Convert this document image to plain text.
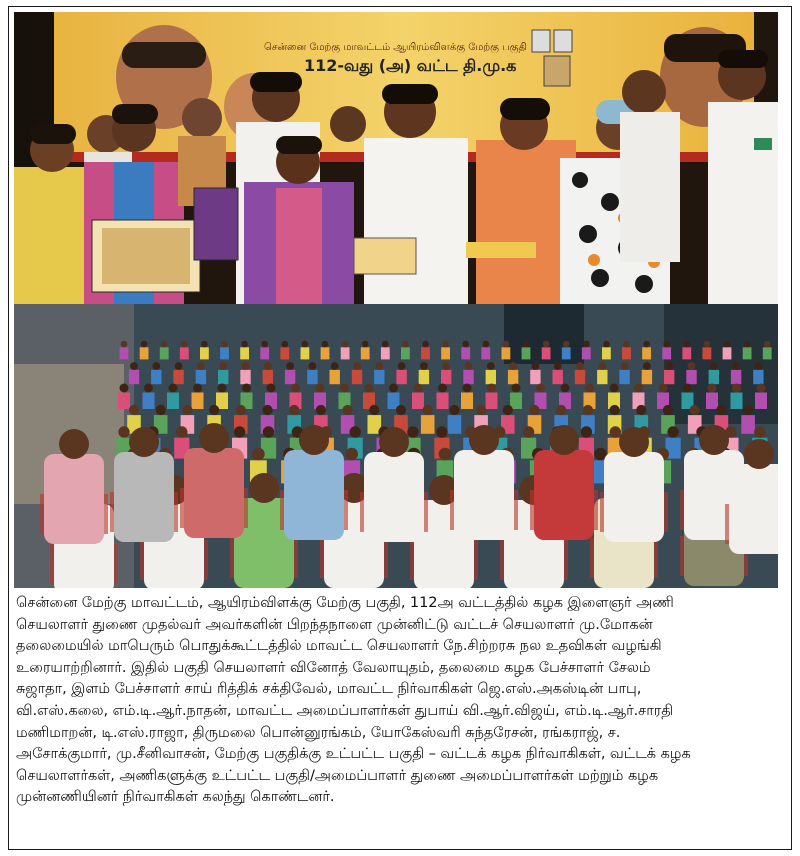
சென்னை மேற்கு மாவட்டம் ஆயிரம்விளக்கு மேற்கு பகுதி
112-வது (அ) வட்ட தி.மு.க
சென்னை மேற்கு மாவட்டம், ஆயிரம்விளக்கு மேற்கு பகுதி, 112அ வட்டத்தில் கழக இளைஞர் அணி
செயலாளர் துணை முதல்வர் அவர்களின் பிறந்தநாளை முன்னிட்டு வட்டச் செயலாளர் மு.மோகன்
தலைமையில் மாபெரும் பொதுக்கூட்டத்தில் மாவட்ட செயலாளர் நே.சிற்றரசு நல உதவிகள் வழங்கி
உரையாற்றினார். இதில் பகுதி செயலாளர் வினோத் வேலாயுதம், தலைமை கழக பேச்சாளர் சேலம்
சுஜாதா, இளம் பேச்சாளர் சாய் ரித்திக் சக்திவேல், மாவட்ட நிர்வாகிகள் ஜெ.எஸ்.அகஸ்டின் பாபு,
வி.எஸ்.கலை, எம்.டி.ஆர்.நாதன், மாவட்ட அமைப்பாளர்கள் துபாய் வி.ஆர்.விஜய், எம்.டி.ஆர்.சாரதி
மணிமாறன், டி.எஸ்.ராஜா, திருமலை பொன்னுரங்கம், யோகேஸ்வரி சுந்தரேசன், ரங்கராஜ், ச.
அசோக்குமார், மு.சீனிவாசன், மேற்கு பகுதிக்கு உட்பட்ட பகுதி – வட்டக் கழக நிர்வாகிகள், வட்டக் கழக
செயலாளர்கள், அணிகளுக்கு உட்பட்ட பகுதி/அமைப்பாளர் துணை அமைப்பாளர்கள் மற்றும் கழக
முன்னணியினர் நிர்வாகிகள் கலந்து கொண்டனர்.
